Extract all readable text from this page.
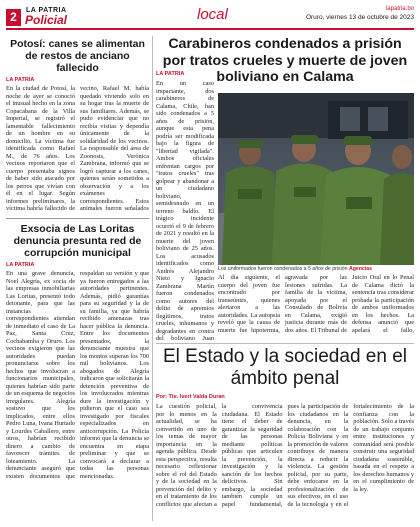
2	LA PATRIA
Policial	local	lapatria.bo
Oruro, viernes 13 de octubre de 2023
Potosí: canes se alimentan de restos de anciano fallecido
LA PATRIA
En la ciudad de Potosí, la noche de ayer se conoció el inusual hecho en la zona Copacabana de la Villa Imperial, se registró el lamentable fallecimiento de un hombre en su domicilio. La víctima fue identificada como Rafael M., de 76 años. Los vecinos reportaron que el cuerpo presentaba signos de haber sido atacado por los perros que vivían con él en el lugar. Según informes preliminares, la víctima habría fallecido de vecino, Rafael M. había quedado viviendo solo en su hogar tras la muerte de sus familiares. Además, se pudo evidenciar que no recibía visitas y dependía únicamente de la solidaridad de los vecinos. La responsable del área de Zoonosis, Verónica Zambrana, informó que se logró capturar a los canes, quienes serán sometidos a observación y a los exámenes correspondientes. Estos animales fueron señalados
Exsocia de Las Loritas denuncia presunta red de corrupción municipal
LA PATRIA
En una grave denuncia, Noel Alegría, ex socia de las empresas inmobiliarias Las Loritas, presentó todo detonante, para que las instancias correspondientes atiendan de inmediato el caso de La Paz, Santa Cruz, Cochabamba y Oruro. Los vecinos exigieron que las autoridades puedan pronunciarse sobre los hechos que involucran a funcionarios municipales, quienes habrían sido parte de un esquema de negocios irregulares. Alegría sostuvo que los implicados, entre ellos Pedro Luna, Ivana Hurtado y Lourdes Caballero, entre otros, habrían recibido dinero a cambio de favorecer trámites de loteamiento. La denunciante aseguró que existen documentos que respaldan su versión y que ya fueron entregados a las autoridades pertinentes. Además, pidió garantías para su seguridad y la de su familia, ya que habría recibido amenazas tras hacer pública la denuncia. Entre los documentos presentados, la denunciante muestra que los montos superan los 700 mil bolivianos. Los abogados de Alegría indicaron que solicitarán la detención preventiva de los involucrados mientras dure la investigación y pidieron que el caso sea investigado por fiscales especializados en anticorrupción. La Policía informó que la denuncia se encuentra en etapa preliminar y que se convocará a declarar a todas las personas mencionadas.
Carabineros condenados a prisión por tratos crueles y muerte de joven boliviano en Calama
LA PATRIA
En un caso impactante, dos carabineros de Calama, Chile, han sido condenados a 5 años de prisión, aunque esta pena podría ser modificada bajo la figura de "libertad vigilada". Ambos oficiales enfrentan cargos por "tratos crueles" tras golpear y abandonar a un ciudadano boliviano, semidesnudo en un terreno baldío. El trágico incidente ocurrió el 9 de febrero de 2021 y resultó en la muerte del joven boliviano de 25 años. Los acusados identificados como Andrés Alejandro Nieto y Ignacio Zambrana Martín fueron condenados como autores del delito de apremios ilegítimos, tratos crueles, inhumanos y degradantes en contra del boliviano Juan
Los uniformados fueron condenados a 5 años de prisión Agencias
Al día siguiente, el cuerpo del joven fue encontrado por transeúntes, quienes alertaron a las autoridades. La autopsia reveló que la causa de muerte fue hipotermia, agravada por las lesiones sufridas. La familia de la víctima, apoyada por el Consulado de Bolivia en Calama, exigió justicia durante más de dos años. El Tribunal de Juicio Oral en lo Penal de Calama dictó la sentencia tras considerar probada la participación de ambos uniformados en los hechos. La defensa anunció que apelará el fallo,
El Estado y la sociedad en el ámbito penal
Por: Tte. Ivert Valda Duran
La cuestión policial, por lo menos en la actualidad, se ha convertido en uno de los temas de mayor importancia en la agenda pública. Desde esta perspectiva, resulta necesario reflexionar sobre el rol del Estado y de la sociedad en la prevención del delito y en el tratamiento de los conflictos que afectan a la convivencia ciudadana. El Estado tiene el deber de garantizar la seguridad de las personas mediante políticas públicas que articulen la prevención, la investigación y la sanción de los hechos delictivos. Sin embargo, la sociedad también cumple un papel fundamental, pues la participación de los ciudadanos en la denuncia, en la colaboración con la Policía Boliviana y en la promoción de valores contribuye de manera directa a reducir la violencia. La gestión policial, por su parte, debe enfocarse en la profesionalización de sus efectivos, en el uso de la tecnología y en el fortalecimiento de la confianza con la población. Solo a través de un trabajo conjunto entre instituciones y comunidad será posible construir una seguridad ciudadana sostenible, basada en el respeto a los derechos humanos y en el cumplimiento de la ley.
